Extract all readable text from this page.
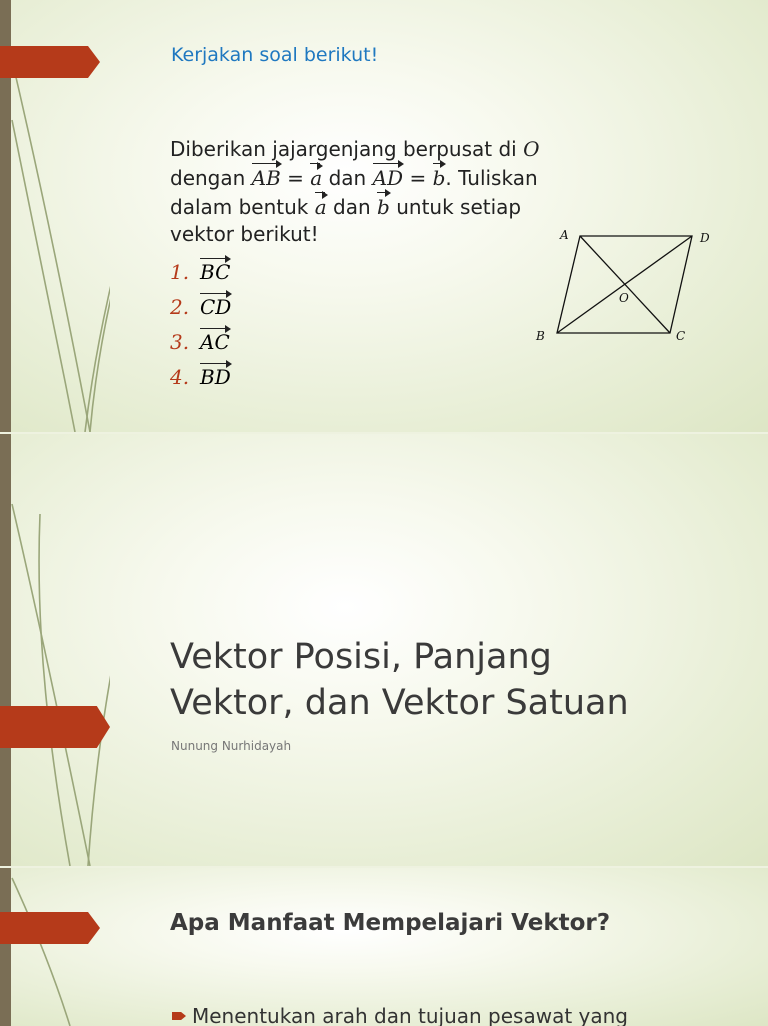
Kerjakan soal berikut!
Diberikan jajargenjang berpusat di O
dengan AB = a dan AD = b. Tuliskan
dalam bentuk a dan b untuk setiap
vektor berikut!
1. BC
2. CD
3. AC
4. BD
A	D
B	C
O
Vektor Posisi, Panjang
Vektor, dan Vektor Satuan
Nunung Nurhidayah
Apa Manfaat Mempelajari Vektor?
Menentukan arah dan tujuan pesawat yang
